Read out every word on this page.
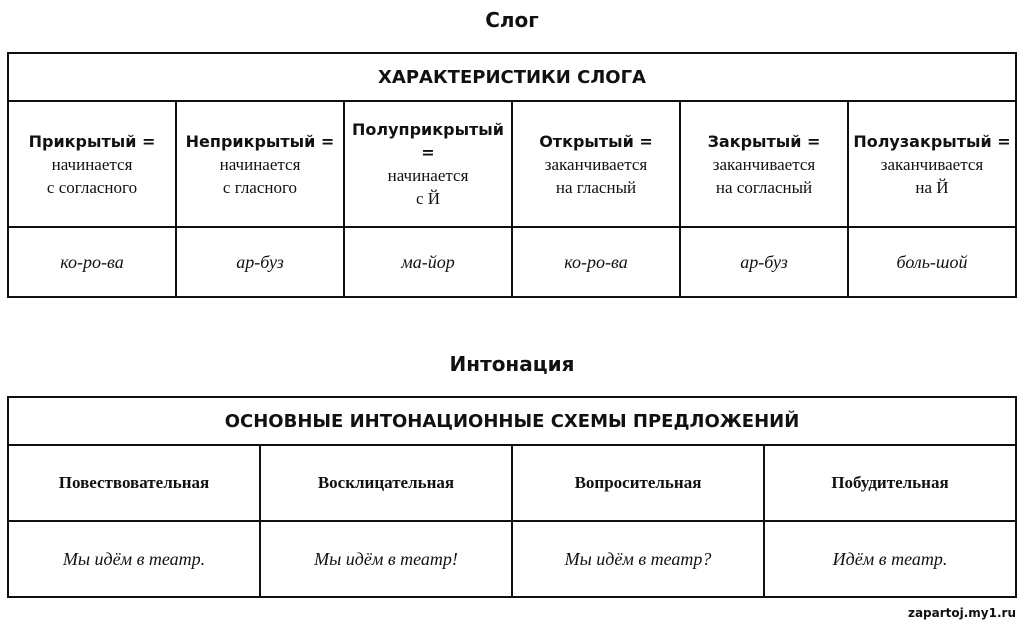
Слог
ХАРАКТЕРИСТИКИ СЛОГА					

Прикрытый =
начинается
с согласного	Неприкрытый =
начинается
с гласного	Полуприкрытый =
начинается
с Й	Открытый =
заканчивается
на гласный	Закрытый =
заканчивается
на согласный	Полузакрытый =
заканчивается
на Й

ко-ро-ва	ар-буз	ма-йор	ко-ро-ва	ар-буз	боль-шой
Интонация
ОСНОВНЫЕ ИНТОНАЦИОННЫЕ СХЕМЫ ПРЕДЛОЖЕНИЙ			
Повествовательная	Восклицательная	Вопросительная	Побудительная
Мы идём в театр.	Мы идём в театр!	Мы идём в театр?	Идём в театр.
zapartoj.my1.ru
